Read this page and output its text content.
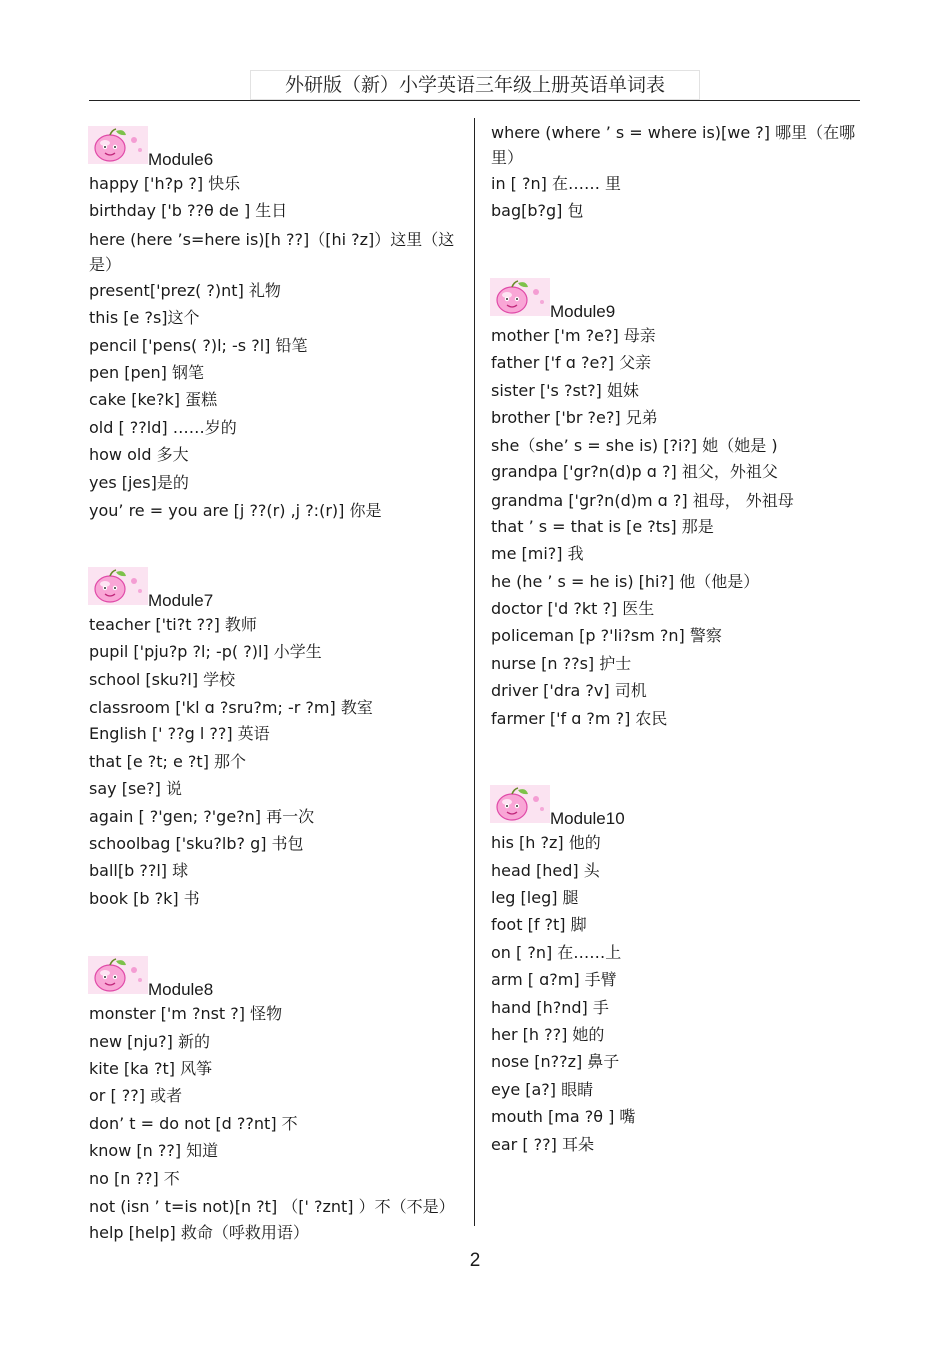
外研版（新）小学英语三年级上册英语单词表
Module6
happy ['h?p ?] 快乐
birthday ['b ??θ de ] 生日
here (here ’s=here is)[h ??]（[hi ?z]）这里（这是）
present['prez( ?)nt] 礼物
this [e ?s]这个
pencil ['pens( ?)l; -s ?l] 铅笔
pen [pen] 钢笔
cake [ke?k] 蛋糕
old [ ??ld] ……岁的
how old 多大
yes [jes]是的
you’ re = you are [j ??(r) ,j ?:(r)] 你是
Module7
teacher ['ti?t ??] 教师
pupil ['pju?p ?l; -p( ?)l] 小学生
school [sku?l] 学校
classroom ['kl ɑ ?sru?m; -r ?m] 教室
English [' ??g l ??] 英语
that [e ?t; e ?t] 那个
say [se?] 说
again [ ?'gen; ?'ge?n] 再一次
schoolbag ['sku?lb? g] 书包
ball[b ??l] 球
book [b ?k] 书
Module8
monster ['m ?nst ?] 怪物
new [nju?] 新的
kite [ka ?t] 风筝
or [ ??] 或者
don’ t = do not [d ??nt] 不
know [n ??] 知道
no [n ??] 不
not (isn ’ t=is not)[n ?t] （[' ?znt] ）不（不是）
help [help] 救命（呼救用语）
where (where ’ s = where is)[we ?] 哪里（在哪里）
in [ ?n] 在…… 里
bag[b?g] 包
Module9
mother ['m ?e?] 母亲
father ['f ɑ ?e?] 父亲
sister ['s ?st?] 姐妹
brother ['br ?e?] 兄弟
she（she’ s = she is) [?i?] 她（她是 )
grandpa ['gr?n(d)p ɑ ?] 祖父，外祖父
grandma ['gr?n(d)m ɑ ?] 祖母， 外祖母
that ’ s = that is [e ?ts] 那是
me [mi?] 我
he (he ’ s = he is) [hi?] 他（他是）
doctor ['d ?kt ?] 医生
policeman [p ?'li?sm ?n] 警察
nurse [n ??s] 护士
driver ['dra ?v] 司机
farmer ['f ɑ ?m ?] 农民
Module10
his [h ?z] 他的
head [hed] 头
leg [leg] 腿
foot [f ?t] 脚
on [ ?n] 在……上
arm [ ɑ?m] 手臂
hand [h?nd] 手
her [h ??] 她的
nose [n??z] 鼻子
eye [a?] 眼睛
mouth [ma ?θ ] 嘴
ear [ ??] 耳朵
2
